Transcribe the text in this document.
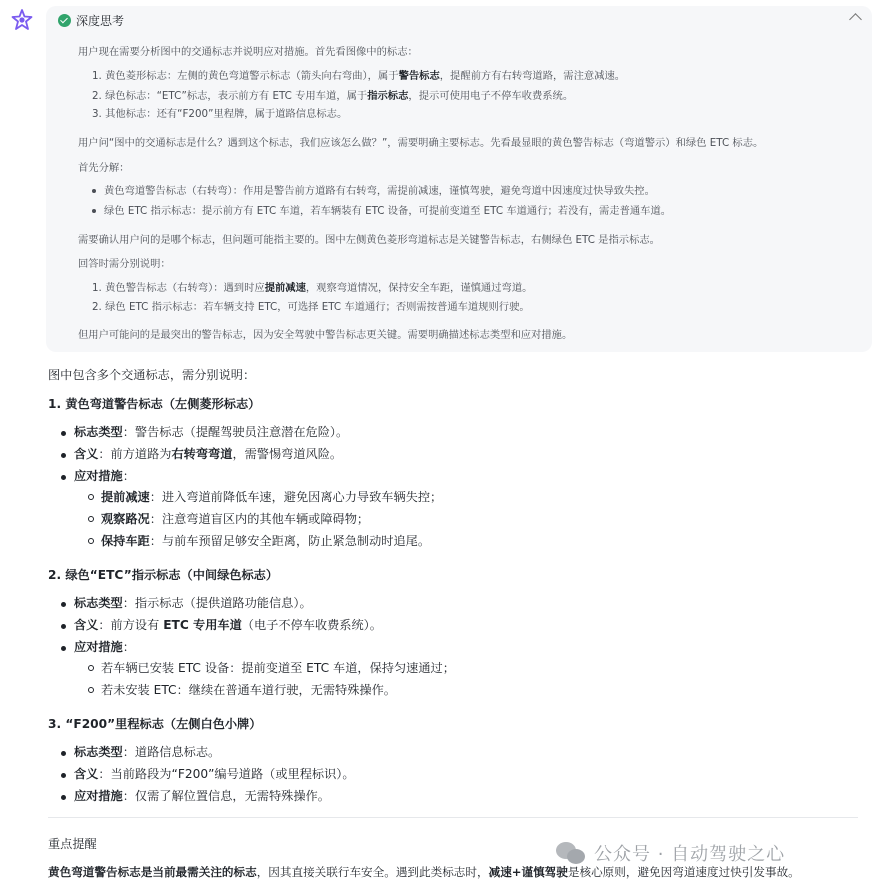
深度思考
用户现在需要分析图中的交通标志并说明应对措施。首先看图像中的标志：
1. 黄色菱形标志：左侧的黄色弯道警示标志（箭头向右弯曲），属于警告标志，提醒前方有右转弯道路，需注意减速。
2. 绿色标志：“ETC”标志，表示前方有 ETC 专用车道，属于指示标志，提示可使用电子不停车收费系统。
3. 其他标志：还有“F200”里程牌，属于道路信息标志。
用户问“图中的交通标志是什么？遇到这个标志，我们应该怎么做？”，需要明确主要标志。先看最显眼的黄色警告标志（弯道警示）和绿色 ETC 标志。
首先分解：
黄色弯道警告标志（右转弯）：作用是警告前方道路有右转弯，需提前减速，谨慎驾驶，避免弯道中因速度过快导致失控。
绿色 ETC 指示标志：提示前方有 ETC 车道，若车辆装有 ETC 设备，可提前变道至 ETC 车道通行；若没有，需走普通车道。
需要确认用户问的是哪个标志，但问题可能指主要的。图中左侧黄色菱形弯道标志是关键警告标志，右侧绿色 ETC 是指示标志。
回答时需分别说明：
1. 黄色警告标志（右转弯）：遇到时应提前减速，观察弯道情况，保持安全车距，谨慎通过弯道。
2. 绿色 ETC 指示标志：若车辆支持 ETC，可选择 ETC 车道通行；否则需按普通车道规则行驶。
但用户可能问的是最突出的警告标志，因为安全驾驶中警告标志更关键。需要明确描述标志类型和应对措施。
图中包含多个交通标志，需分别说明：
1. 黄色弯道警告标志（左侧菱形标志）
标志类型：警告标志（提醒驾驶员注意潜在危险）。
含义：前方道路为右转弯弯道，需警惕弯道风险。
应对措施：
提前减速：进入弯道前降低车速，避免因离心力导致车辆失控；
观察路况：注意弯道盲区内的其他车辆或障碍物；
保持车距：与前车预留足够安全距离，防止紧急制动时追尾。
2. 绿色“ETC”指示标志（中间绿色标志）
标志类型：指示标志（提供道路功能信息）。
含义：前方设有 ETC 专用车道（电子不停车收费系统）。
应对措施：
若车辆已安装 ETC 设备：提前变道至 ETC 车道，保持匀速通过；
若未安装 ETC：继续在普通车道行驶，无需特殊操作。
3. “F200”里程标志（左侧白色小牌）
标志类型：道路信息标志。
含义：当前路段为“F200”编号道路（或里程标识）。
应对措施：仅需了解位置信息，无需特殊操作。
重点提醒
黄色弯道警告标志是当前最需关注的标志，因其直接关联行车安全。遇到此类标志时，减速+谨慎驾驶是核心原则，避免因弯道速度过快引发事故。
公众号 · 自动驾驶之心
